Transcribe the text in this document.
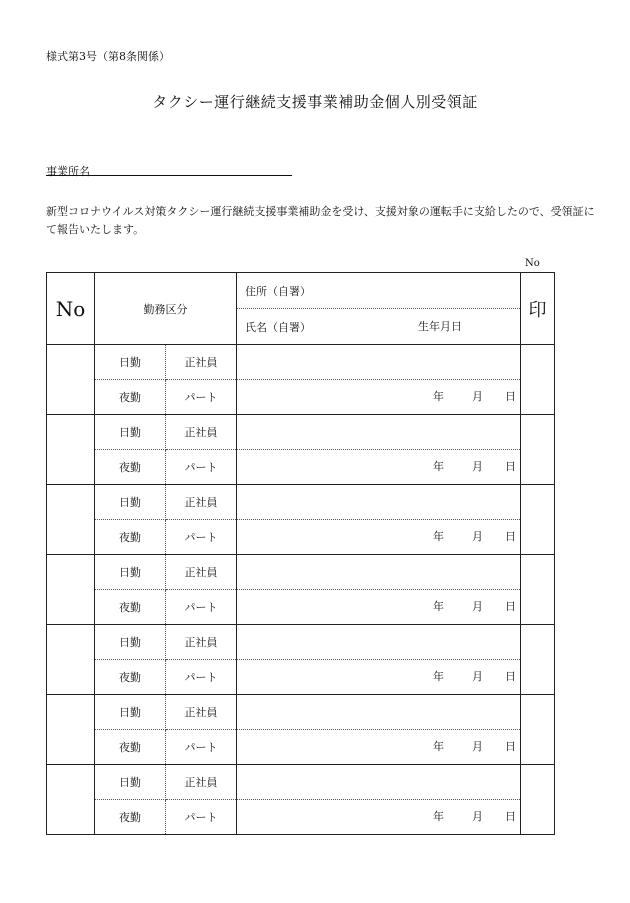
様式第3号（第8条関係）
タクシー運行継続支援事業補助金個人別受領証
事業所名
新型コロナウイルス対策タクシー運行継続支援事業補助金を受け、支援対象の運転手に支給したので、受領証にて報告いたします。
No
No	勤務区分		住所（自署）	印
			氏名（自署） 生年月日	

	日勤	正社員		
	夜勤	パート	年 月 日	

	日勤	正社員		
	夜勤	パート	年 月 日	

	日勤	正社員		
	夜勤	パート	年 月 日	

	日勤	正社員		
	夜勤	パート	年 月 日	

	日勤	正社員		
	夜勤	パート	年 月 日	

	日勤	正社員		
	夜勤	パート	年 月 日	

	日勤	正社員		
	夜勤	パート	年 月 日	
